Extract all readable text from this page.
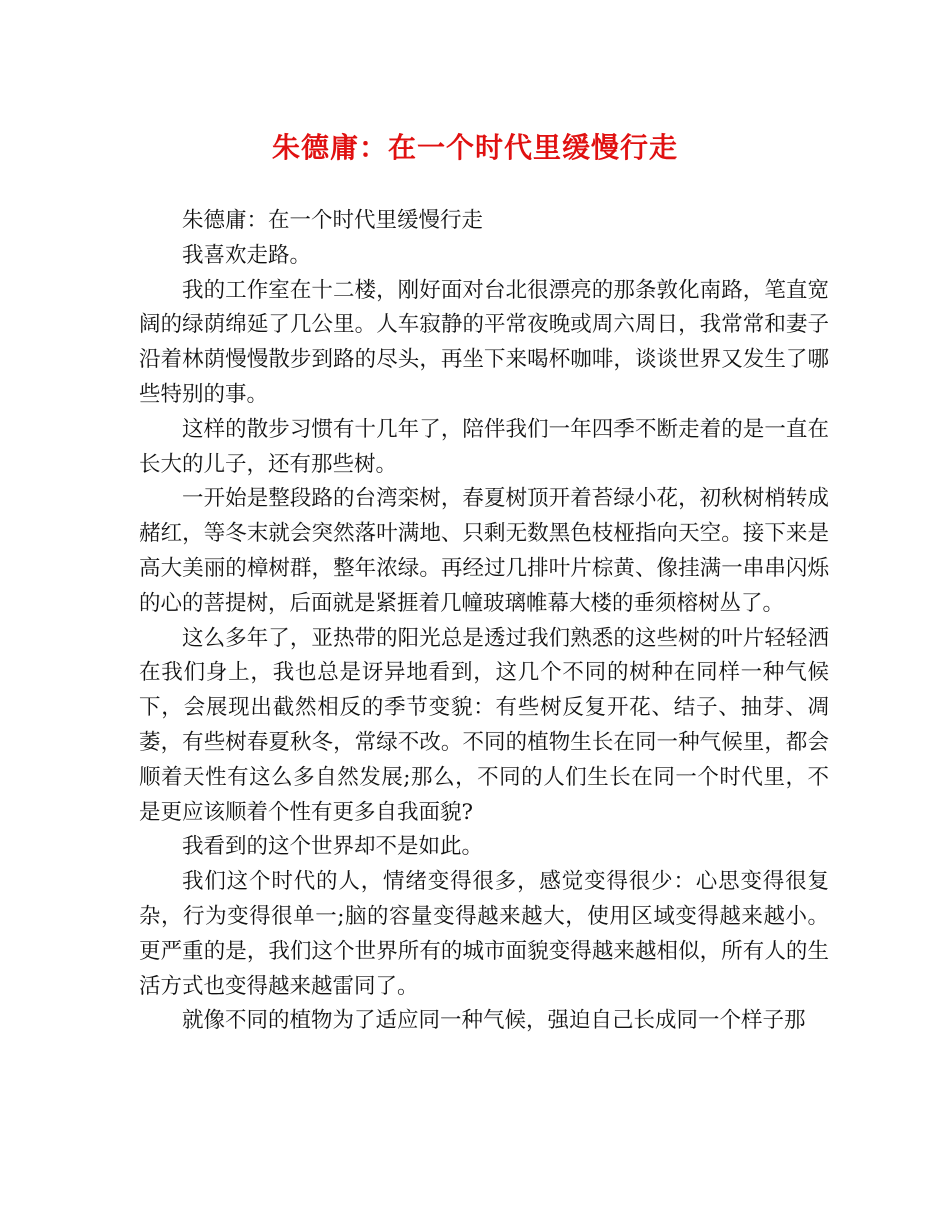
朱德庸：在一个时代里缓慢行走

朱德庸：在一个时代里缓慢行走

我喜欢走路。

我的工作室在十二楼，刚好面对台北很漂亮的那条敦化南路，笔直宽阔的绿荫绵延了几公里。人车寂静的平常夜晚或周六周日，我常常和妻子沿着林荫慢慢散步到路的尽头，再坐下来喝杯咖啡，谈谈世界又发生了哪些特别的事。

这样的散步习惯有十几年了，陪伴我们一年四季不断走着的是一直在长大的儿子，还有那些树。

一开始是整段路的台湾栾树，春夏树顶开着苔绿小花，初秋树梢转成赭红，等冬末就会突然落叶满地、只剩无数黑色枝桠指向天空。接下来是高大美丽的樟树群，整年浓绿。再经过几排叶片棕黄、像挂满一串串闪烁的心的菩提树，后面就是紧捱着几幢玻璃帷幕大楼的垂须榕树丛了。

这么多年了，亚热带的阳光总是透过我们熟悉的这些树的叶片轻轻洒在我们身上，我也总是讶异地看到，这几个不同的树种在同样一种气候下，会展现出截然相反的季节变貌：有些树反复开花、结子、抽芽、凋萎，有些树春夏秋冬，常绿不改。不同的植物生长在同一种气候里，都会顺着天性有这么多自然发展;那么，不同的人们生长在同一个时代里，不是更应该顺着个性有更多自我面貌?

我看到的这个世界却不是如此。

我们这个时代的人，情绪变得很多，感觉变得很少：心思变得很复杂，行为变得很单一;脑的容量变得越来越大，使用区域变得越来越小。更严重的是，我们这个世界所有的城市面貌变得越来越相似，所有人的生活方式也变得越来越雷同了。

就像不同的植物为了适应同一种气候，强迫自己长成同一个样子那
